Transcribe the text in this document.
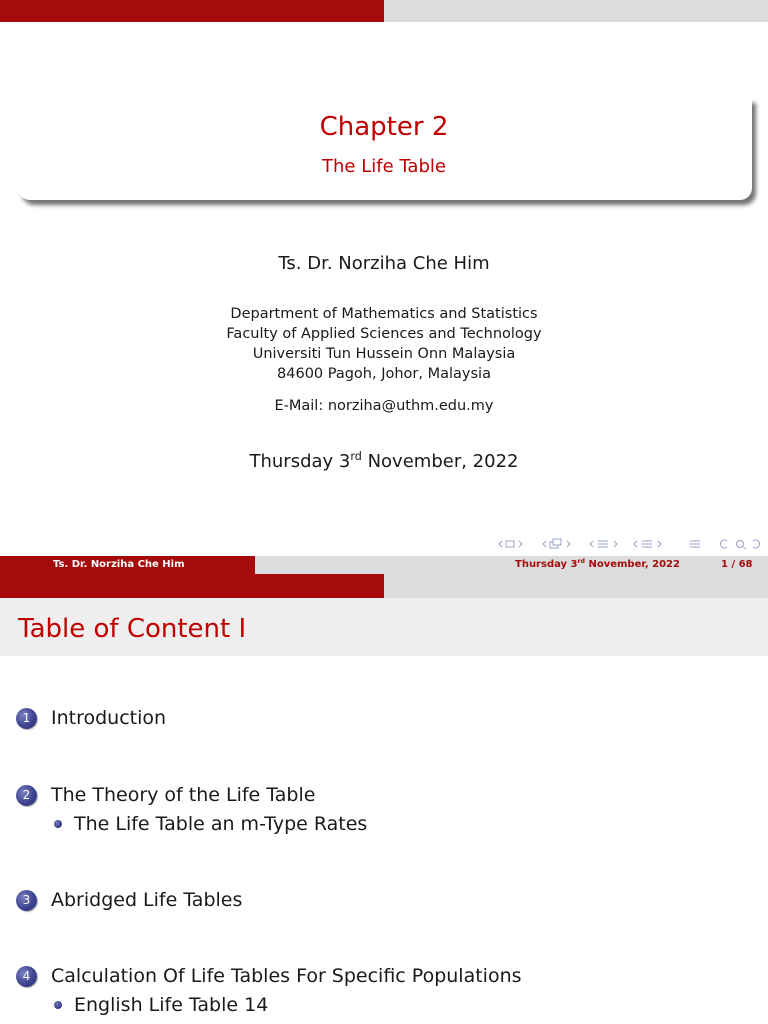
Chapter 2
The Life Table
Ts. Dr. Norziha Che Him
Department of Mathematics and Statistics
Faculty of Applied Sciences and Technology
Universiti Tun Hussein Onn Malaysia
84600 Pagoh, Johor, Malaysia
E-Mail: norziha@uthm.edu.my
Thursday 3rd November, 2022
Ts. Dr. Norziha Che Him	Thursday 3rd November, 2022	1 / 68
Table of Content I
1	Introduction
2	The Theory of the Life Table
The Life Table an m-Type Rates
3	Abridged Life Tables
4	Calculation Of Life Tables For Specific Populations
English Life Table 14
